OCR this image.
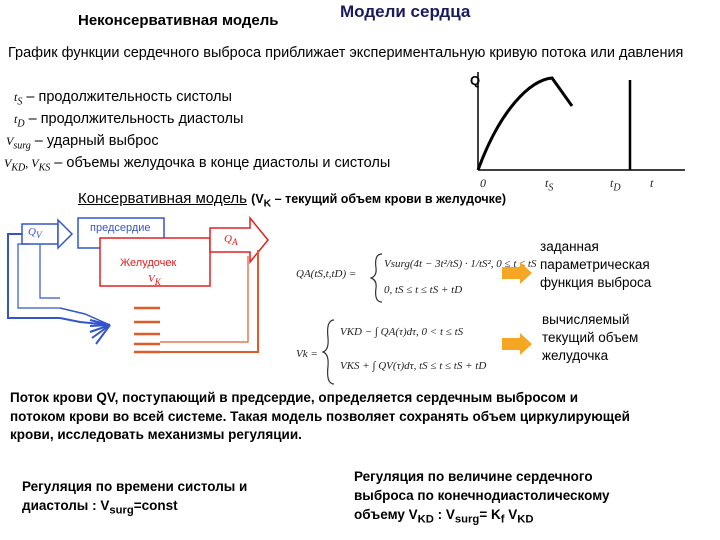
Модели сердца
Неконсервативная модель
График функции сердечного выброса приближает экспериментальную кривую потока или давления
$t_S$ – продолжительность систолы
$t_D$ – продолжительность диастолы
$V_{surg}$ – ударный выброс
$V_{KD}$, $V_{KS}$ – объемы желудочка в конце диастолы и систолы
Q
0	$t_S$	$t_D$ t
Консервативная модель ($V_K$ – текущий объем крови в желудочке)
$Q_V$
предсердие
$Q_A$
Желудочек
$V_K$
QA(tS,t,tD) =
Vsurg(4t − 3t²/tS) · 1/tS², 0 ≤ t ≤ tS
0, tS ≤ t ≤ tS + tD
Vk =
VKD − ∫ QA(τ)dτ, 0 < t ≤ tS
VKS + ∫ QV(τ)dτ, tS ≤ t ≤ tS + tD
заданная
параметрическая
функция выброса
вычисляемый
текущий объем
желудочка
Поток крови QV, поступающий в предсердие, определяется сердечным выбросом и потоком крови во всей системе. Такая модель позволяет сохранять объем циркулирующей крови, исследовать механизмы регуляции.
Регуляция по времени систолы и
диастолы : $V_{surg}=const$
Регуляция по величине сердечного
выброса по конечнодиастолическому
объему $V_{KD}$ : $V_{surg}= K_f$ $V_{KD}$
